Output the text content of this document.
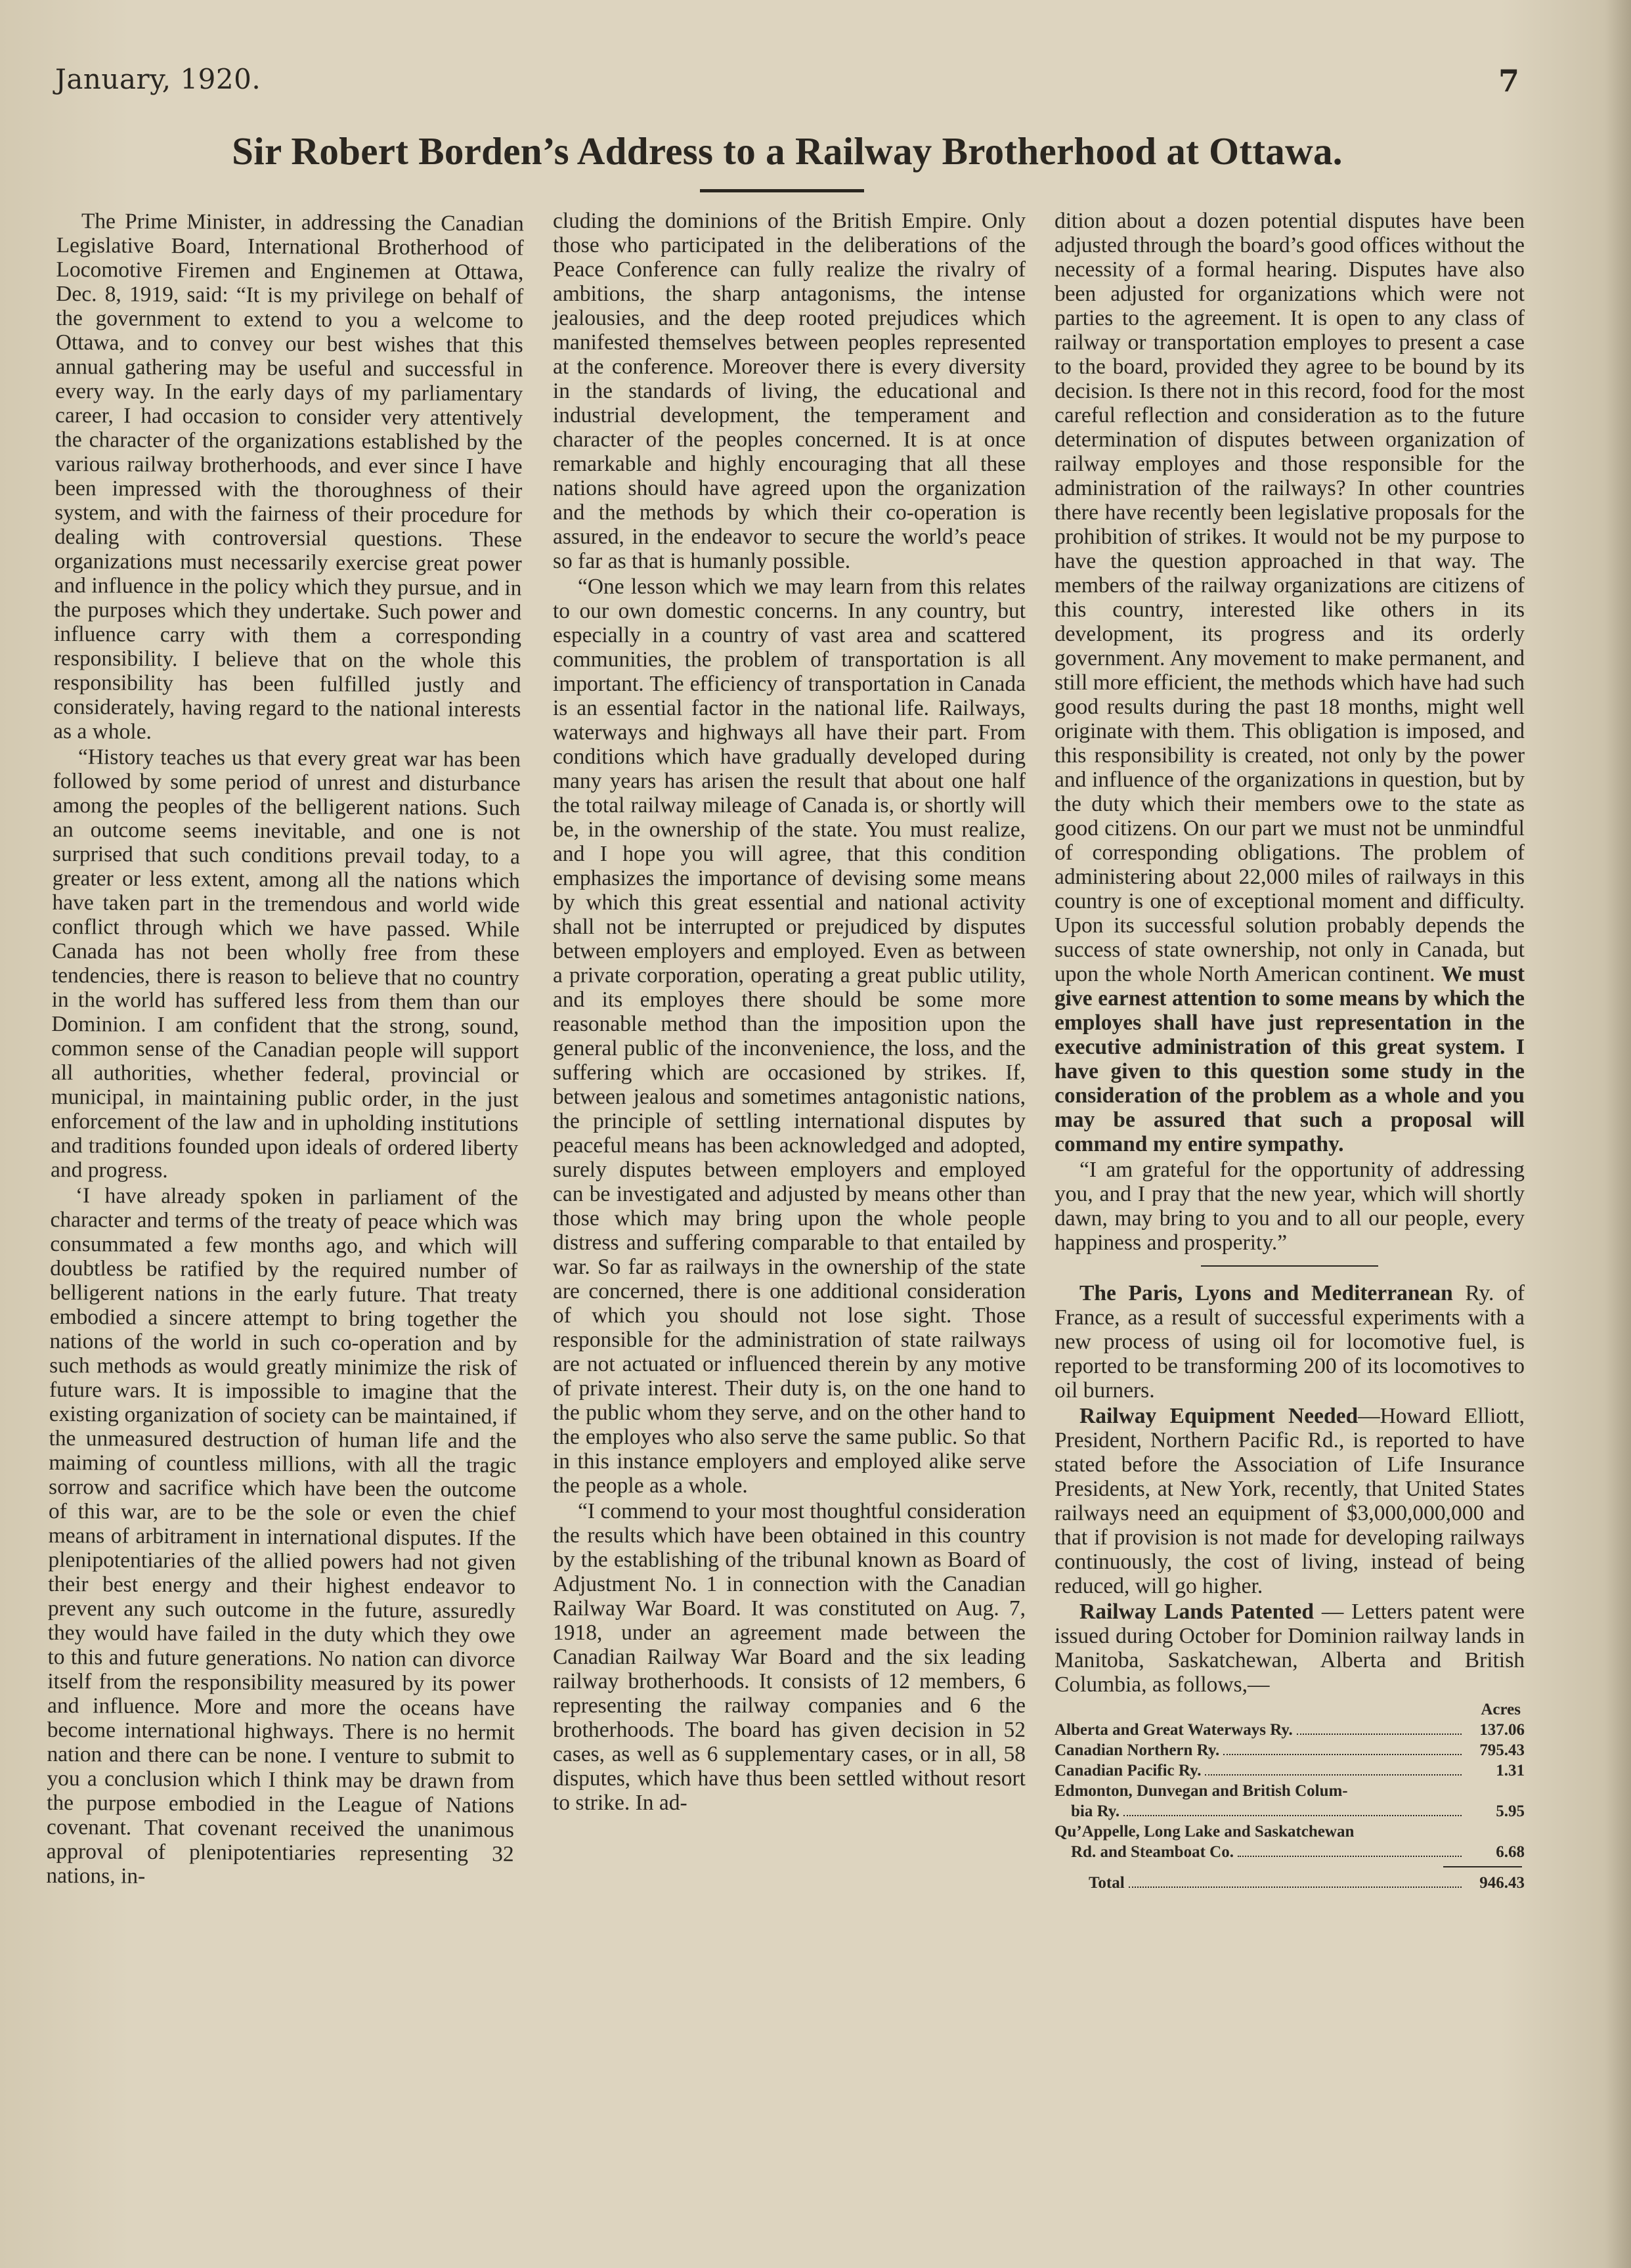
January, 1920.	7
Sir Robert Borden’s Address to a Railway Brotherhood at Ottawa.

The Prime Minister, in addressing the Canadian Legislative Board, International Brotherhood of Locomotive Firemen and Enginemen at Ottawa, Dec. 8, 1919, said: “It is my privilege on behalf of the government to extend to you a welcome to Ottawa, and to convey our best wishes that this annual gathering may be useful and successful in every way. In the early days of my parliamentary career, I had occasion to consider very attentively the character of the organizations established by the various railway brotherhoods, and ever since I have been impressed with the thoroughness of their system, and with the fairness of their procedure for dealing with controversial questions. These organizations must necessarily exercise great power and influence in the policy which they pursue, and in the purposes which they undertake. Such power and influence carry with them a corresponding responsibility. I believe that on the whole this responsibility has been fulfilled justly and considerately, having regard to the national interests as a whole.

“History teaches us that every great war has been followed by some period of unrest and disturbance among the peoples of the belligerent nations. Such an outcome seems inevitable, and one is not surprised that such conditions prevail today, to a greater or less extent, among all the nations which have taken part in the tremendous and world wide conflict through which we have passed. While Canada has not been wholly free from these tendencies, there is reason to believe that no country in the world has suffered less from them than our Dominion. I am confident that the strong, sound, common sense of the Canadian people will support all authorities, whether federal, provincial or municipal, in maintaining public order, in the just enforcement of the law and in upholding institutions and traditions founded upon ideals of ordered liberty and progress.

‘I have already spoken in parliament of the character and terms of the treaty of peace which was consummated a few months ago, and which will doubtless be ratified by the required number of belligerent nations in the early future. That treaty embodied a sincere attempt to bring together the nations of the world in such co-operation and by such methods as would greatly minimize the risk of future wars. It is impossible to imagine that the existing organization of society can be maintained, if the unmeasured destruction of human life and the maiming of countless millions, with all the tragic sorrow and sacrifice which have been the outcome of this war, are to be the sole or even the chief means of arbitrament in international disputes. If the plenipotentiaries of the allied powers had not given their best energy and their highest endeavor to prevent any such outcome in the future, assuredly they would have failed in the duty which they owe to this and future generations. No nation can divorce itself from the responsibility measured by its power and influence. More and more the oceans have become international highways. There is no hermit nation and there can be none. I venture to submit to you a conclusion which I think may be drawn from the purpose embodied in the League of Nations covenant. That covenant received the unanimous approval of plenipotentiaries representing 32 nations, in-

cluding the dominions of the British Empire. Only those who participated in the deliberations of the Peace Conference can fully realize the rivalry of ambitions, the sharp antagonisms, the intense jealousies, and the deep rooted prejudices which manifested themselves between peoples represented at the conference. Moreover there is every diversity in the standards of living, the educational and industrial development, the temperament and character of the peoples concerned. It is at once remarkable and highly encouraging that all these nations should have agreed upon the organization and the methods by which their co-operation is assured, in the endeavor to secure the world’s peace so far as that is humanly possible.

“One lesson which we may learn from this relates to our own domestic concerns. In any country, but especially in a country of vast area and scattered communities, the problem of transportation is all important. The efficiency of transportation in Canada is an essential factor in the national life. Railways, waterways and highways all have their part. From conditions which have gradually developed during many years has arisen the result that about one half the total railway mileage of Canada is, or shortly will be, in the ownership of the state. You must realize, and I hope you will agree, that this condition emphasizes the importance of devising some means by which this great essential and national activity shall not be interrupted or prejudiced by disputes between employers and employed. Even as between a private corporation, operating a great public utility, and its employes there should be some more reasonable method than the imposition upon the general public of the inconvenience, the loss, and the suffering which are occasioned by strikes. If, between jealous and sometimes antagonistic nations, the principle of settling international disputes by peaceful means has been acknowledged and adopted, surely disputes between employers and employed can be investigated and adjusted by means other than those which may bring upon the whole people distress and suffering comparable to that entailed by war. So far as railways in the ownership of the state are concerned, there is one additional consideration of which you should not lose sight. Those responsible for the administration of state railways are not actuated or influenced therein by any motive of private interest. Their duty is, on the one hand to the public whom they serve, and on the other hand to the employes who also serve the same public. So that in this instance employers and employed alike serve the people as a whole.

“I commend to your most thoughtful consideration the results which have been obtained in this country by the establishing of the tribunal known as Board of Adjustment No. 1 in connection with the Canadian Railway War Board. It was constituted on Aug. 7, 1918, under an agreement made between the Canadian Railway War Board and the six leading railway brotherhoods. It consists of 12 members, 6 representing the railway companies and 6 the brotherhoods. The board has given decision in 52 cases, as well as 6 supplementary cases, or in all, 58 disputes, which have thus been settled without resort to strike. In ad-

dition about a dozen potential disputes have been adjusted through the board’s good offices without the necessity of a formal hearing. Disputes have also been adjusted for organizations which were not parties to the agreement. It is open to any class of railway or transportation employes to present a case to the board, provided they agree to be bound by its decision. Is there not in this record, food for the most careful reflection and consideration as to the future determination of disputes between organization of railway employes and those responsible for the administration of the railways? In other countries there have recently been legislative proposals for the prohibition of strikes. It would not be my purpose to have the question approached in that way. The members of the railway organizations are citizens of this country, interested like others in its development, its progress and its orderly government. Any movement to make permanent, and still more efficient, the methods which have had such good results during the past 18 months, might well originate with them. This obligation is imposed, and this responsibility is created, not only by the power and influence of the organizations in question, but by the duty which their members owe to the state as good citizens. On our part we must not be unmindful of corresponding obligations. The problem of administering about 22,000 miles of railways in this country is one of exceptional moment and difficulty. Upon its successful solution probably depends the success of state ownership, not only in Canada, but upon the whole North American continent. We must give earnest attention to some means by which the employes shall have just representation in the executive administration of this great system. I have given to this question some study in the consideration of the problem as a whole and you may be assured that such a proposal will command my entire sympathy.

“I am grateful for the opportunity of addressing you, and I pray that the new year, which will shortly dawn, may bring to you and to all our people, every happiness and prosperity.”

The Paris, Lyons and Mediterranean Ry. of France, as a result of successful experiments with a new process of using oil for locomotive fuel, is reported to be transforming 200 of its locomotives to oil burners.

Railway Equipment Needed—Howard Elliott, President, Northern Pacific Rd., is reported to have stated before the Association of Life Insurance Presidents, at New York, recently, that United States railways need an equipment of $3,000,000,000 and that if provision is not made for developing railways continuously, the cost of living, instead of being reduced, will go higher.

Railway Lands Patented — Letters patent were issued during October for Dominion railway lands in Manitoba, Saskatchewan, Alberta and British Columbia, as follows,—

Acres
Alberta and Great Waterways Ry.	137.06
Canadian Northern Ry.	795.43
Canadian Pacific Ry.	1.31
Edmonton, Dunvegan and British Colum-
bia Ry.	5.95
Qu’Appelle, Long Lake and Saskatchewan
Rd. and Steamboat Co.	6.68
Total	946.43
